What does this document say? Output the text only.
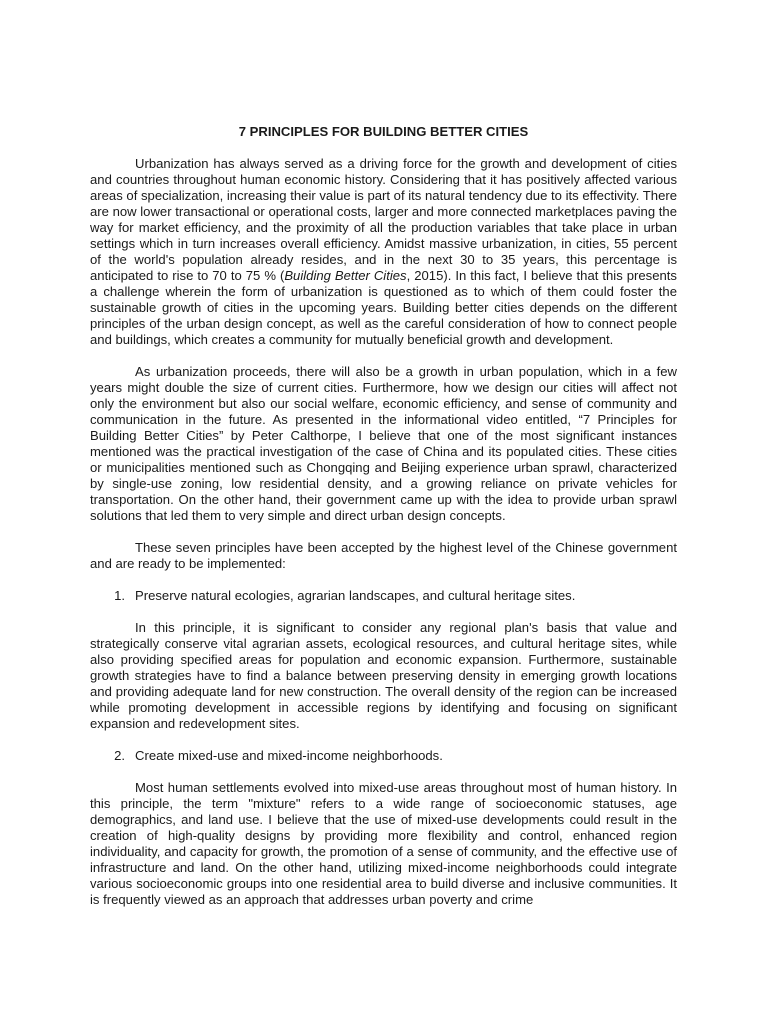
7 PRINCIPLES FOR BUILDING BETTER CITIES

Urbanization has always served as a driving force for the growth and development of cities and countries throughout human economic history. Considering that it has positively affected various areas of specialization, increasing their value is part of its natural tendency due to its effectivity. There are now lower transactional or operational costs, larger and more connected marketplaces paving the way for market efficiency, and the proximity of all the production variables that take place in urban settings which in turn increases overall efficiency. Amidst massive urbanization, in cities, 55 percent of the world's population already resides, and in the next 30 to 35 years, this percentage is anticipated to rise to 70 to 75 % (Building Better Cities, 2015). In this fact, I believe that this presents a challenge wherein the form of urbanization is questioned as to which of them could foster the sustainable growth of cities in the upcoming years. Building better cities depends on the different principles of the urban design concept, as well as the careful consideration of how to connect people and buildings, which creates a community for mutually beneficial growth and development.

As urbanization proceeds, there will also be a growth in urban population, which in a few years might double the size of current cities. Furthermore, how we design our cities will affect not only the environment but also our social welfare, economic efficiency, and sense of community and communication in the future. As presented in the informational video entitled, “7 Principles for Building Better Cities” by Peter Calthorpe, I believe that one of the most significant instances mentioned was the practical investigation of the case of China and its populated cities. These cities or municipalities mentioned such as Chongqing and Beijing experience urban sprawl, characterized by single-use zoning, low residential density, and a growing reliance on private vehicles for transportation. On the other hand, their government came up with the idea to provide urban sprawl solutions that led them to very simple and direct urban design concepts.

These seven principles have been accepted by the highest level of the Chinese government and are ready to be implemented:

1. Preserve natural ecologies, agrarian landscapes, and cultural heritage sites.

In this principle, it is significant to consider any regional plan's basis that value and strategically conserve vital agrarian assets, ecological resources, and cultural heritage sites, while also providing specified areas for population and economic expansion. Furthermore, sustainable growth strategies have to find a balance between preserving density in emerging growth locations and providing adequate land for new construction. The overall density of the region can be increased while promoting development in accessible regions by identifying and focusing on significant expansion and redevelopment sites.

2. Create mixed-use and mixed-income neighborhoods.

Most human settlements evolved into mixed-use areas throughout most of human history. In this principle, the term "mixture" refers to a wide range of socioeconomic statuses, age demographics, and land use. I believe that the use of mixed-use developments could result in the creation of high-quality designs by providing more flexibility and control, enhanced region individuality, and capacity for growth, the promotion of a sense of community, and the effective use of infrastructure and land. On the other hand, utilizing mixed-income neighborhoods could integrate various socioeconomic groups into one residential area to build diverse and inclusive communities. It is frequently viewed as an approach that addresses urban poverty and crime
